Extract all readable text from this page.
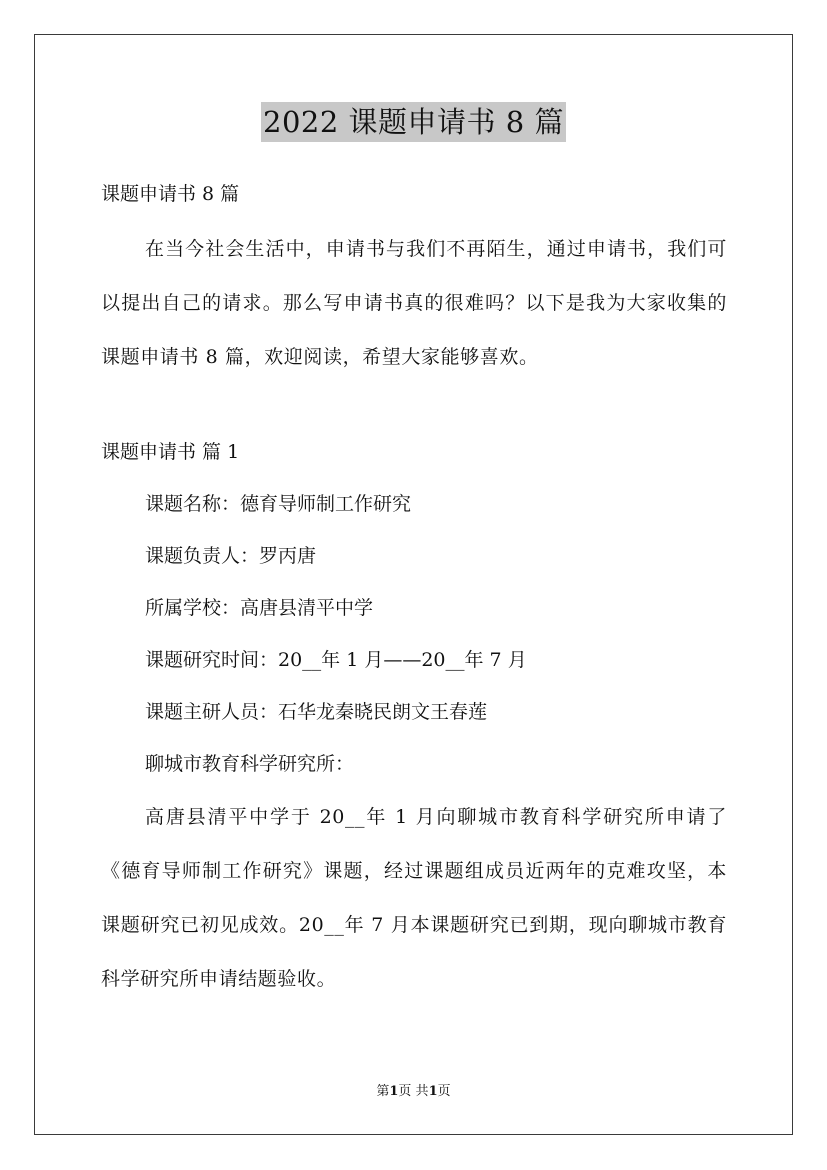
2022 课题申请书 8 篇
课题申请书 8 篇
在当今社会生活中，申请书与我们不再陌生，通过申请书，我们可以提出自己的请求。那么写申请书真的很难吗？以下是我为大家收集的课题申请书 8 篇，欢迎阅读，希望大家能够喜欢。
课题申请书 篇 1
课题名称：德育导师制工作研究
课题负责人：罗丙唐
所属学校：高唐县清平中学
课题研究时间：20__年 1 月——20__年 7 月
课题主研人员：石华龙秦晓民朗文王春莲
聊城市教育科学研究所：
高唐县清平中学于 20__年 1 月向聊城市教育科学研究所申请了《德育导师制工作研究》课题，经过课题组成员近两年的克难攻坚，本课题研究已初见成效。20__年 7 月本课题研究已到期，现向聊城市教育科学研究所申请结题验收。
第1页 共1页
